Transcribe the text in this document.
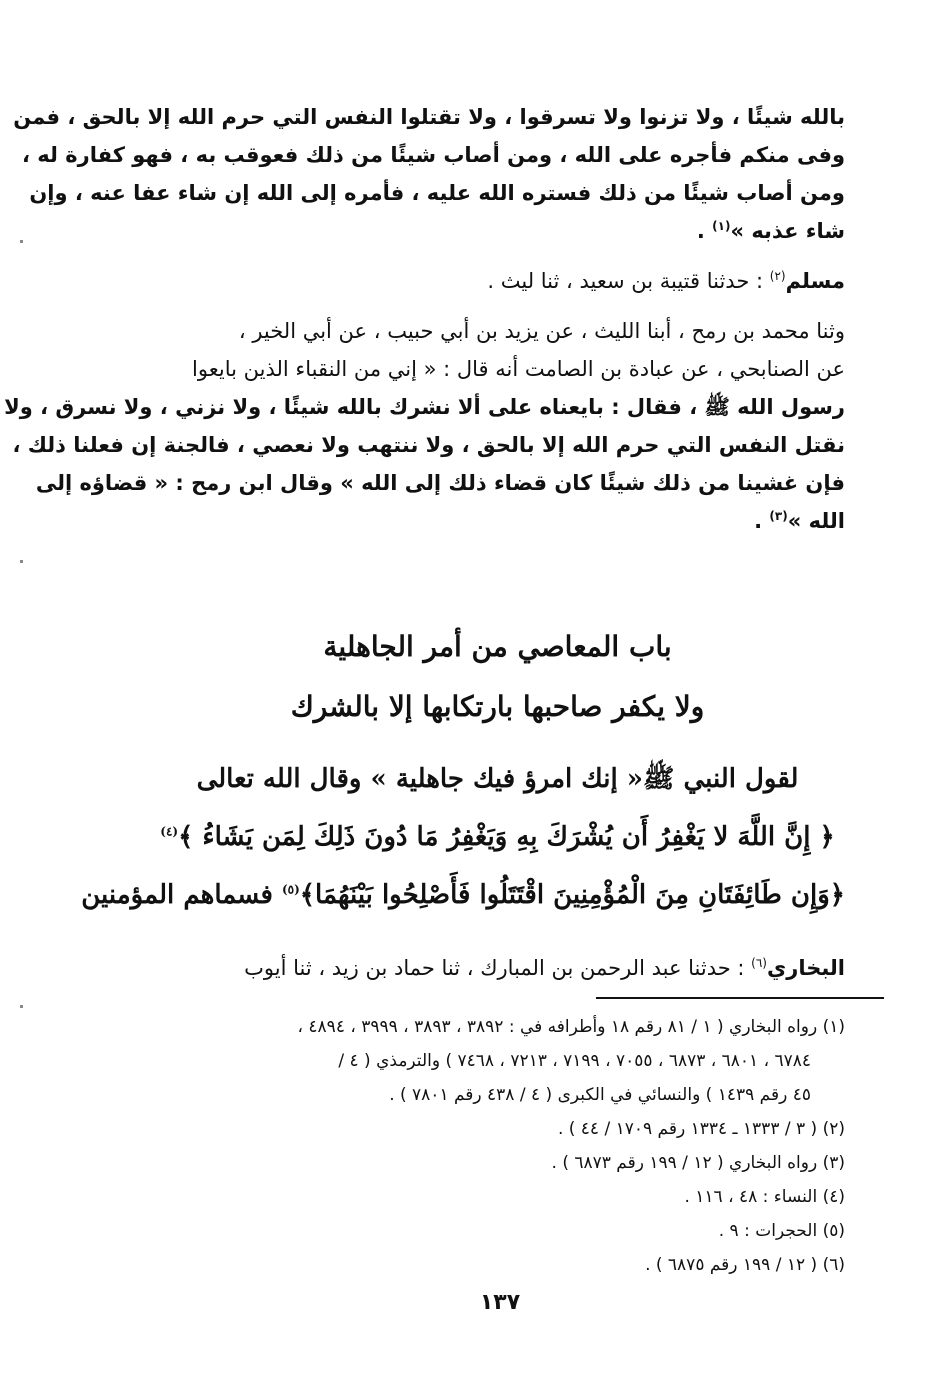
بالله شيئًا ، ولا تزنوا ولا تسرقوا ، ولا تقتلوا النفس التي حرم الله إلا بالحق ، فمن
وفى منكم فأجره على الله ، ومن أصاب شيئًا من ذلك فعوقب به ، فهو كفارة له ،
ومن أصاب شيئًا من ذلك فستره الله عليه ، فأمره إلى الله إن شاء عفا عنه ، وإن
شاء عذبه »$^{(١)}$ .
مسلم$^{(٢)}$ : حدثنا قتيبة بن سعيد ، ثنا ليث .
وثنا محمد بن رمح ، أبنا الليث ، عن يزيد بن أبي حبيب ، عن أبي الخير ،
عن الصنابحي ، عن عبادة بن الصامت أنه قال : « إني من النقباء الذين بايعوا
رسول الله ﷺ ، فقال : بايعناه على ألا نشرك بالله شيئًا ، ولا نزني ، ولا نسرق ، ولا
نقتل النفس التي حرم الله إلا بالحق ، ولا ننتهب ولا نعصي ، فالجنة إن فعلنا ذلك ،
فإن غشينا من ذلك شيئًا كان قضاء ذلك إلى الله » وقال ابن رمح : « قضاؤه إلى
الله »$^{(٣)}$ .
باب المعاصي من أمر الجاهلية
ولا يكفر صاحبها بارتكابها إلا بالشرك
لقول النبي ﷺ« إنك امرؤ فيك جاهلية » وقال الله تعالى
﴿ إِنَّ اللَّهَ لا يَغْفِرُ أَن يُشْرَكَ بِهِ وَيَغْفِرُ مَا دُونَ ذَلِكَ لِمَن يَشَاءُ ﴾$^{(٤)}$
﴿وَإِن طَائِفَتَانِ مِنَ الْمُؤْمِنِينَ اقْتَتَلُوا فَأَصْلِحُوا بَيْنَهُمَا﴾$^{(٥)}$ فسماهم المؤمنين
البخاري$^{(٦)}$ : حدثنا عبد الرحمن بن المبارك ، ثنا حماد بن زيد ، ثنا أيوب
(١) رواه البخاري ( ١ / ٨١ رقم ١٨ وأطرافه في : ٣٨٩٢ ، ٣٨٩٣ ، ٣٩٩٩ ، ٤٨٩٤ ،
٦٧٨٤ ، ٦٨٠١ ، ٦٨٧٣ ، ٧٠٥٥ ، ٧١٩٩ ، ٧٢١٣ ، ٧٤٦٨ ) والترمذي ( ٤ /
٤٥ رقم ١٤٣٩ ) والنسائي في الكبرى ( ٤ / ٤٣٨ رقم ٧٨٠١ ) .
(٢) ( ٣ / ١٣٣٣ ـ ١٣٣٤ رقم ١٧٠٩ / ٤٤ ) .
(٣) رواه البخاري ( ١٢ / ١٩٩ رقم ٦٨٧٣ ) .
(٤) النساء : ٤٨ ، ١١٦ .
(٥) الحجرات : ٩ .
(٦) ( ١٢ / ١٩٩ رقم ٦٨٧٥ ) .
١٣٧
